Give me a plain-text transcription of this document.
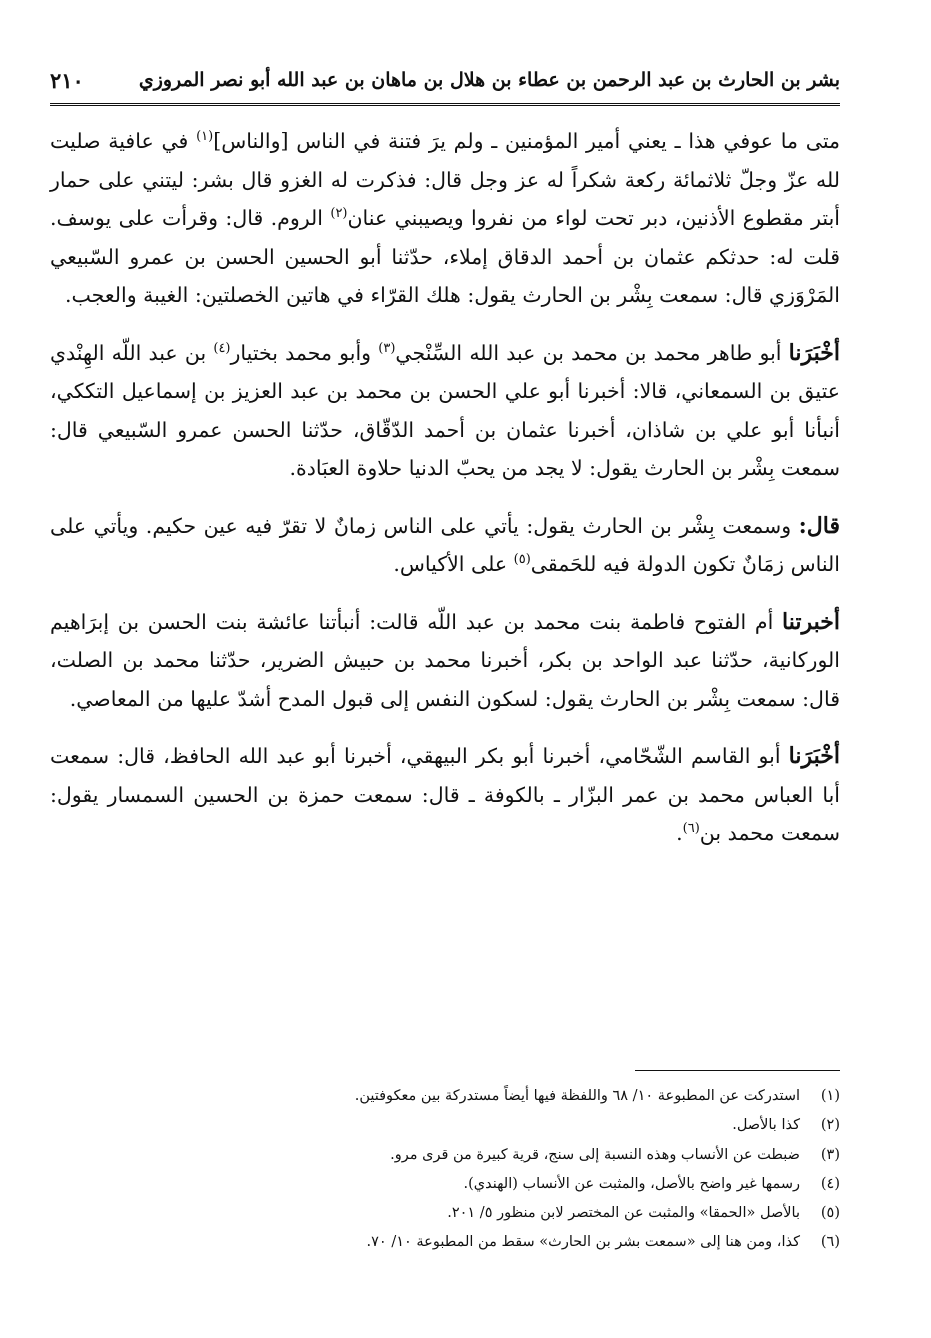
بشر بن الحارث بن عبد الرحمن بن عطاء بن هلال بن ماهان بن عبد الله أبو نصر المروزي
٢١٠

متى ما عوفي هذا ـ يعني أمير المؤمنين ـ ولم يرَ فتنة في الناس [والناس]$^{(١)}$ في عافية صليت لله عزّ وجلّ ثلاثمائة ركعة شكراً له عز وجل قال: فذكرت له الغزو قال بشر: ليتني على حمار أبتر مقطوع الأذنين، دبر تحت لواء من نفروا ويصيبني عنان$^{(٢)}$ الروم. قال: وقرأت على يوسف. قلت له: حدثكم عثمان بن أحمد الدقاق إملاء، حدّثنا أبو الحسين الحسن بن عمرو السّبيعي المَرْوَزي قال: سمعت بِشْر بن الحارث يقول: هلك القرّاء في هاتين الخصلتين: الغيبة والعجب.

أخْبَرَنا أبو طاهر محمد بن محمد بن عبد الله السِّنْجي$^{(٣)}$ وأبو محمد بختيار$^{(٤)}$ بن عبد اللّه الهِنْدي عتيق بن السمعاني، قالا: أخبرنا أبو علي الحسن بن محمد بن عبد العزيز بن إسماعيل التككي، أنبأنا أبو علي بن شاذان، أخبرنا عثمان بن أحمد الدّقّاق، حدّثنا الحسن عمرو السّبيعي قال: سمعت بِشْر بن الحارث يقول: لا يجد من يحبّ الدنيا حلاوة العبَادة.

قال: وسمعت بِشْر بن الحارث يقول: يأتي على الناس زمانٌ لا تقرّ فيه عين حكيم. ويأتي على الناس زمَانٌ تكون الدولة فيه للحَمقى$^{(٥)}$ على الأكياس.

أخبرتنا أم الفتوح فاطمة بنت محمد بن عبد اللّه قالت: أنبأتنا عائشة بنت الحسن بن إبرَاهيم الوركانية، حدّثنا عبد الواحد بن بكر، أخبرنا محمد بن حبيش الضرير، حدّثنا محمد بن الصلت، قال: سمعت بِشْر بن الحارث يقول: لسكون النفس إلى قبول المدح أشدّ عليها من المعاصي.

أخْبَرَنا أبو القاسم الشّحّامي، أخبرنا أبو بكر البيهقي، أخبرنا أبو عبد الله الحافظ، قال: سمعت أبا العباس محمد بن عمر البزّار ـ بالكوفة ـ قال: سمعت حمزة بن الحسين السمسار يقول: سمعت محمد بن$^{(٦)}$.

(١)
استدركت عن المطبوعة ١٠/ ٦٨ واللفظة فيها أيضاً مستدركة بين معكوفتين.
(٢)
كذا بالأصل.
(٣)
ضبطت عن الأنساب وهذه النسبة إلى سنج، قرية كبيرة من قرى مرو.
(٤)
رسمها غير واضح بالأصل، والمثبت عن الأنساب (الهندي).
(٥)
بالأصل «الحمقا» والمثبت عن المختصر لابن منظور ٥/ ٢٠١.
(٦)
كذا، ومن هنا إلى «سمعت بشر بن الحارث» سقط من المطبوعة ١٠/ ٧٠.
